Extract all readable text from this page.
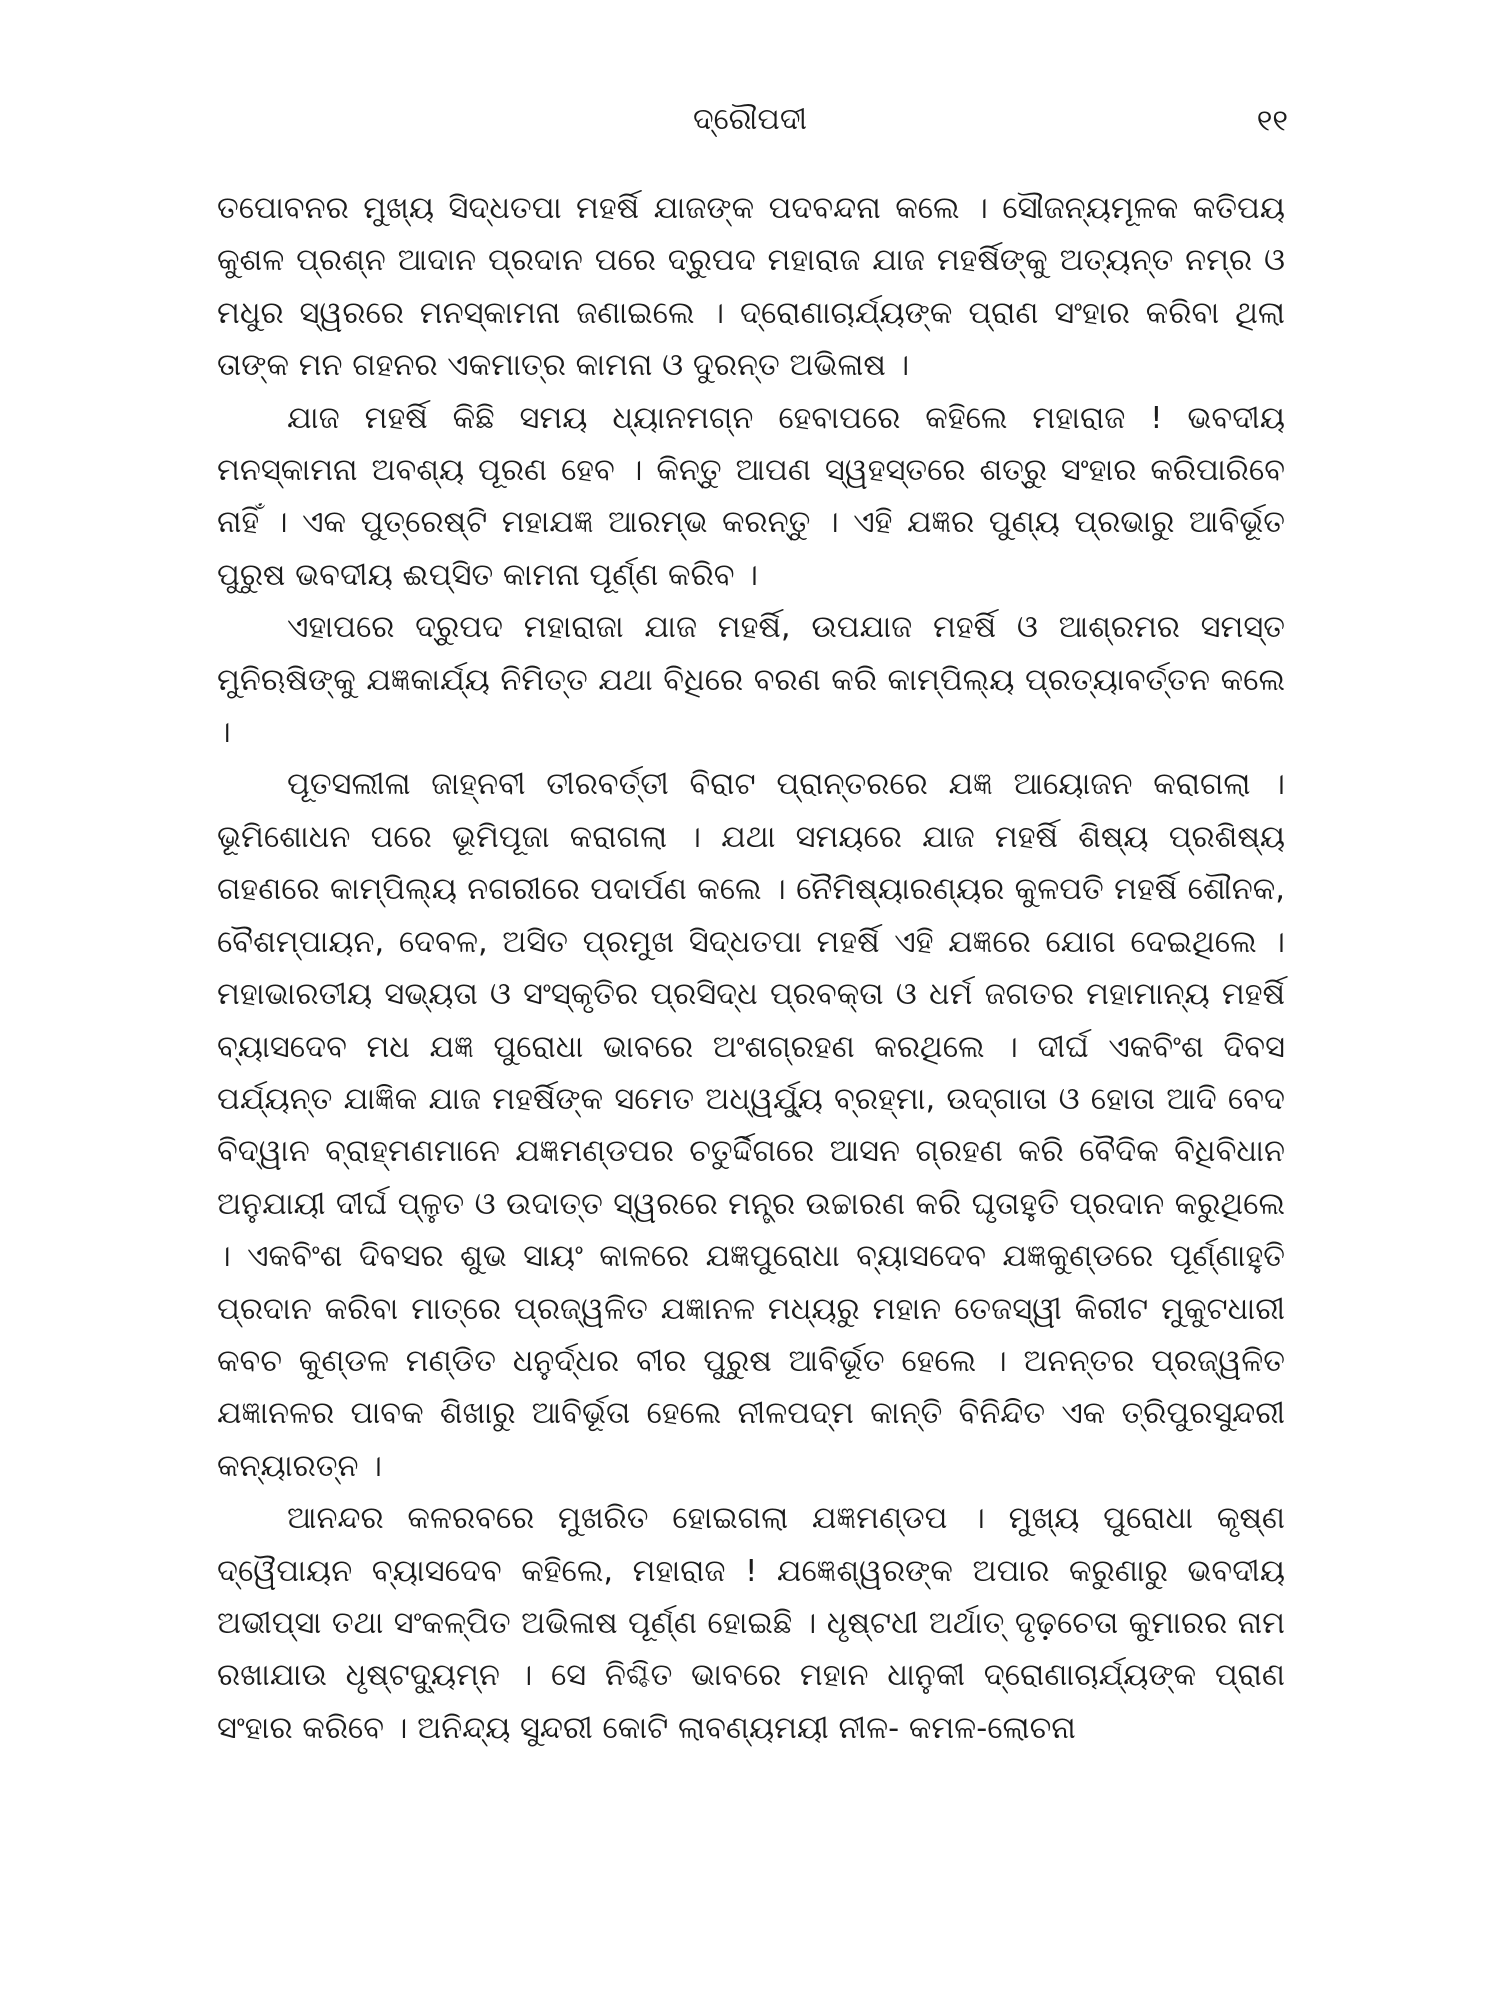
ଦ୍ରୌପଦୀ	୧୧

ତପୋବନର ମୁଖ୍ୟ ସିଦ୍ଧତପା ମହର୍ଷି ଯାଜଙ୍କ ପଦବନ୍ଦନା କଲେ । ସୌଜନ୍ୟମୂଳକ କତିପୟ କୁଶଳ ପ୍ରଶ୍ନ ଆଦାନ ପ୍ରଦାନ ପରେ ଦ୍ରୁପଦ ମହାରାଜ ଯାଜ ମହର୍ଷିଙ୍କୁ ଅତ୍ୟନ୍ତ ନମ୍ର ଓ ମଧୁର ସ୍ୱରରେ ମନସ୍କାମନା ଜଣାଇଲେ । ଦ୍ରୋଣାଚାର୍ଯ୍ୟଙ୍କ ପ୍ରାଣ ସଂହାର କରିବା ଥିଲା ତାଙ୍କ ମନ ଗହନର ଏକମାତ୍ର କାମନା ଓ ଦୁରନ୍ତ ଅଭିଳାଷ ।

ଯାଜ ମହର୍ଷି କିଛି ସମୟ ଧ୍ୟାନମଗ୍ନ ହେବାପରେ କହିଲେ ମହାରାଜ ! ଭବଦୀୟ ମନସ୍କାମନା ଅବଶ୍ୟ ପୂରଣ ହେବ । କିନ୍ତୁ ଆପଣ ସ୍ୱହସ୍ତରେ ଶତ୍ରୁ ସଂହାର କରିପାରିବେ ନାହିଁ । ଏକ ପୁତ୍ରେଷ୍ଟି ମହାଯଜ୍ଞ ଆରମ୍ଭ କରନ୍ତୁ । ଏହି ଯଜ୍ଞର ପୁଣ୍ୟ ପ୍ରଭାରୁ ଆବିର୍ଭୂତ ପୁରୁଷ ଭବଦୀୟ ଈପ୍ସିତ କାମନା ପୂର୍ଣ୍ଣ କରିବ ।

ଏହାପରେ ଦ୍ରୁପଦ ମହାରାଜା ଯାଜ ମହର୍ଷି, ଉପଯାଜ ମହର୍ଷି ଓ ଆଶ୍ରମର ସମସ୍ତ ମୁନିଋଷିଙ୍କୁ ଯଜ୍ଞକାର୍ଯ୍ୟ ନିମିତ୍ତ ଯଥା ବିଧିରେ ବରଣ କରି କାମ୍ପିଲ୍ୟ ପ୍ରତ୍ୟାବର୍ତ୍ତନ କଲେ ।

ପୂତସଲୀଳା ଜାହ୍ନବୀ ତୀରବର୍ତ୍ତୀ ବିରାଟ ପ୍ରାନ୍ତରରେ ଯଜ୍ଞ ଆୟୋଜନ କରାଗଲା । ଭୂମିଶୋଧନ ପରେ ଭୂମିପୂଜା କରାଗଲା । ଯଥା ସମୟରେ ଯାଜ ମହର୍ଷି ଶିଷ୍ୟ ପ୍ରଶିଷ୍ୟ ଗହଣରେ କାମ୍ପିଲ୍ୟ ନଗରୀରେ ପଦାର୍ପଣ କଲେ । ନୈମିଷ୍ୟାରଣ୍ୟର କୁଳପତି ମହର୍ଷି ଶୌନକ, ବୈଶମ୍ପାୟନ, ଦେବଳ, ଅସିତ ପ୍ରମୁଖ ସିଦ୍ଧତପା ମହର୍ଷି ଏହି ଯଜ୍ଞରେ ଯୋଗ ଦେଇଥିଲେ । ମହାଭାରତୀୟ ସଭ୍ୟତା ଓ ସଂସ୍କୃତିର ପ୍ରସିଦ୍ଧ ପ୍ରବକ୍ତା ଓ ଧର୍ମ ଜଗତର ମହାମାନ୍ୟ ମହର୍ଷି ବ୍ୟାସଦେବ ମଧ ଯଜ୍ଞ ପୁରୋଧା ଭାବରେ ଅଂଶଗ୍ରହଣ କରଥିଲେ । ଦୀର୍ଘ ଏକବିଂଶ ଦିବସ ପର୍ଯ୍ୟନ୍ତ ଯାଜ୍ଞିକ ଯାଜ ମହର୍ଷିଙ୍କ ସମେତ ଅଧ୍ୱର୍ଯ୍ୟୁ ବ୍ରହ୍ମା, ଉଦ୍‌ଗାତା ଓ ହୋତା ଆଦି ବେଦ ବିଦ୍ୱାନ ବ୍ରାହ୍ମଣମାନେ ଯଜ୍ଞମଣ୍ଡପର ଚତୁର୍ଦ୍ଦିଗରେ ଆସନ ଗ୍ରହଣ କରି ବୈଦିକ ବିଧିବିଧାନ ଅନୁଯାୟୀ ଦୀର୍ଘ ପ୍ଳୁତ ଓ ଉଦାତ୍ତ ସ୍ୱରରେ ମନ୍ତ୍ର ଉଚ୍ଚାରଣ କରି ଘୃତାହୁତି ପ୍ରଦାନ କରୁଥିଲେ । ଏକବିଂଶ ଦିବସର ଶୁଭ ସାୟଂ କାଳରେ ଯଜ୍ଞପୁରୋଧା ବ୍ୟାସଦେବ ଯଜ୍ଞକୁଣ୍ଡରେ ପୂର୍ଣ୍ଣାହୁତି ପ୍ରଦାନ କରିବା ମାତ୍ରେ ପ୍ରଜ୍ୱଳିତ ଯଜ୍ଞାନଳ ମଧ୍ୟରୁ ମହାନ ତେଜସ୍ୱୀ କିରୀଟ ମୁକୁଟଧାରୀ କବଚ କୁଣ୍ଡଳ ମଣ୍ଡିତ ଧନୁର୍ଦ୍ଧର ବୀର ପୁରୁଷ ଆବିର୍ଭୂତ ହେଲେ । ଅନନ୍ତର ପ୍ରଜ୍ୱଳିତ ଯଜ୍ଞାନଳର ପାବକ ଶିଖାରୁ ଆବିର୍ଭୂତା ହେଲେ ନୀଳପଦ୍ମ କାନ୍ତି ବିନିନ୍ଦିତ ଏକ ତ୍ରିପୁରସୁନ୍ଦରୀ କନ୍ୟାରତ୍ନ ।

ଆନନ୍ଦର କଳରବରେ ମୁଖରିତ ହୋଇଗଲା ଯଜ୍ଞମଣ୍ଡପ । ମୁଖ୍ୟ ପୁରୋଧା କୃଷ୍ଣ ଦ୍ୱୈପାୟନ ବ୍ୟାସଦେବ କହିଲେ, ମହାରାଜ ! ଯଜ୍ଞେଶ୍ୱରଙ୍କ ଅପାର କରୁଣାରୁ ଭବଦୀୟ ଅଭୀପ୍ସା ତଥା ସଂକଳ୍ପିତ ଅଭିଳାଷ ପୂର୍ଣ୍ଣ ହୋଇଛି । ଧୃଷ୍ଟଧୀ ଅର୍ଥାତ୍ ଦୃଢ଼ଚେତା କୁମାରର ନାମ ରଖାଯାଉ ଧୃଷ୍ଟଦ୍ୟୁମ୍ନ । ସେ ନିଶ୍ଚିତ ଭାବରେ ମହାନ ଧାନୁକୀ ଦ୍ରୋଣାଚାର୍ଯ୍ୟଙ୍କ ପ୍ରାଣ ସଂହାର କରିବେ । ଅନିନ୍ଦ୍ୟ ସୁନ୍ଦରୀ କୋଟି ଲାବଣ୍ୟମୟୀ ନୀଳ- କମଳ-ଲୋଚନା
